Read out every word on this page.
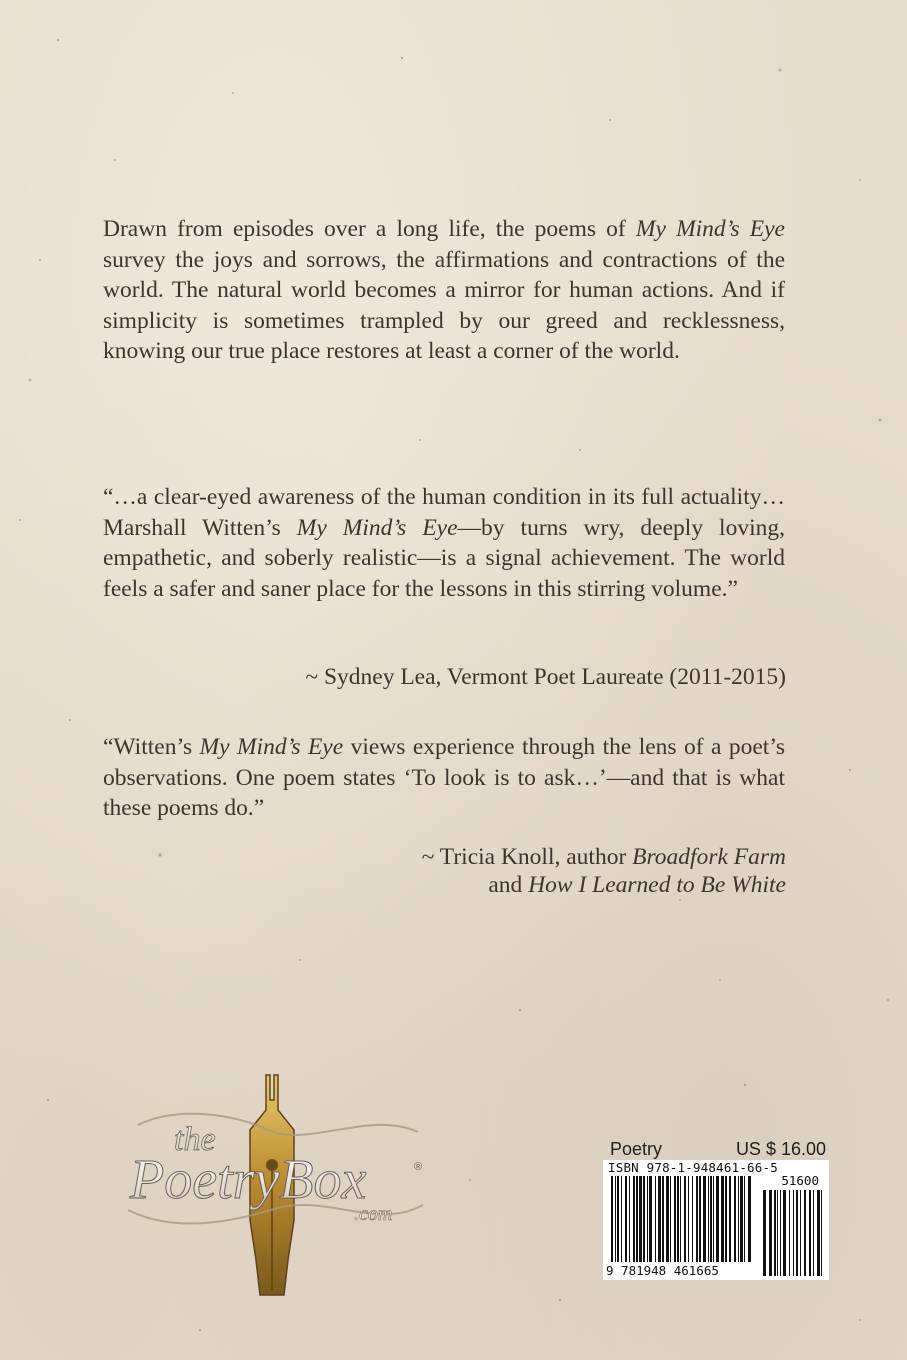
Drawn from episodes over a long life, the poems of My Mind’s Eye survey the joys and sorrows, the affirmations and contractions of the world. The natural world becomes a mirror for human actions. And if simplicity is sometimes trampled by our greed and recklessness, knowing our true place restores at least a corner of the world.
“…a clear-eyed awareness of the human condition in its full actuality…Marshall Witten’s My Mind’s Eye—by turns wry, deeply loving, empathetic, and soberly realistic—is a signal achievement. The world feels a safer and saner place for the lessons in this stirring volume.”
~ Sydney Lea, Vermont Poet Laureate (2011-2015)
“Witten’s My Mind’s Eye views experience through the lens of a poet’s observations. One poem states ‘To look is to ask…’—and that is what these poems do.”
~ Tricia Knoll, author Broadfork Farm
and How I Learned to Be White
the
PoetryBox	®
.com
Poetry	US $ 16.00
ISBN 978-1-948461-66-5
51600
9 781948 461665
